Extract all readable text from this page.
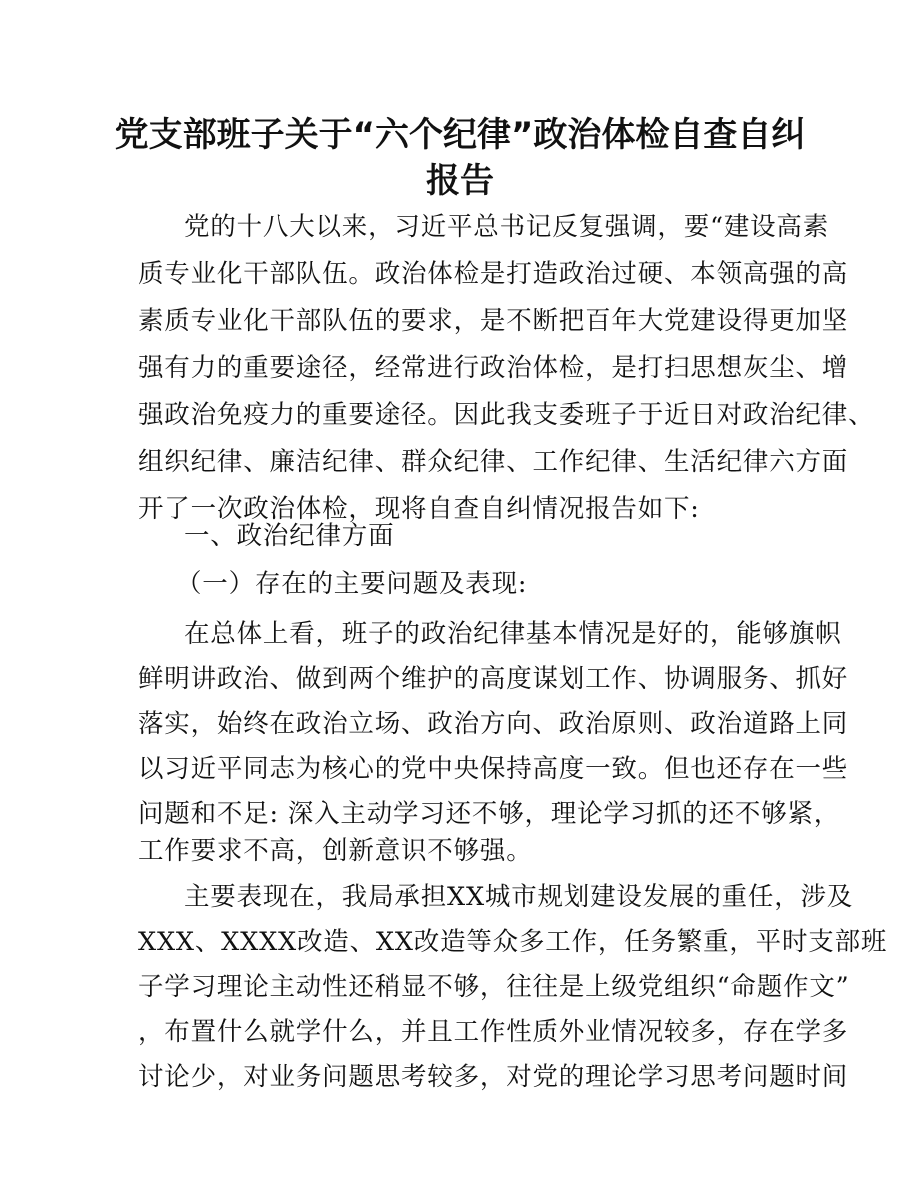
党支部班子关于“六个纪律”政治体检自查自纠
报告

党的十八大以来，习近平总书记反复强调，要“建设高素

质专业化干部队伍。政治体检是打造政治过硬、本领高强的高

素质专业化干部队伍的要求，是不断把百年大党建设得更加坚

强有力的重要途径，经常进行政治体检，是打扫思想灰尘、增

强政治免疫力的重要途径。因此我支委班子于近日对政治纪律、

组织纪律、廉洁纪律、群众纪律、工作纪律、生活纪律六方面

开了一次政治体检，现将自查自纠情况报告如下:

一、政治纪律方面

（一）存在的主要问题及表现:

在总体上看，班子的政治纪律基本情况是好的，能够旗帜

鲜明讲政治、做到两个维护的高度谋划工作、协调服务、抓好

落实，始终在政治立场、政治方向、政治原则、政治道路上同

以习近平同志为核心的党中央保持高度一致。但也还存在一些

问题和不足: 深入主动学习还不够，理论学习抓的还不够紧，

工作要求不高，创新意识不够强。

主要表现在，我局承担XX城市规划建设发展的重任，涉及

XXX、XXXX改造、XX改造等众多工作，任务繁重，平时支部班

子学习理论主动性还稍显不够，往往是上级党组织“命题作文”

，布置什么就学什么，并且工作性质外业情况较多，存在学多

讨论少，对业务问题思考较多，对党的理论学习思考问题时间
